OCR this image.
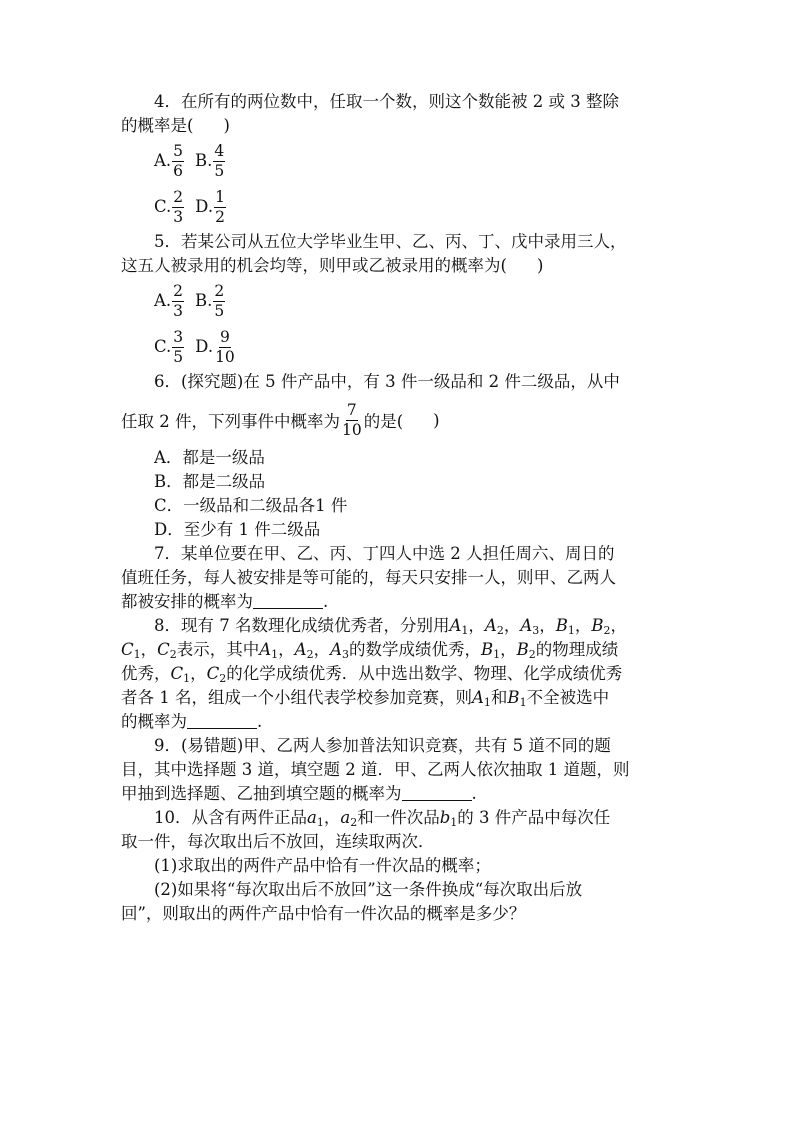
4．在所有的两位数中，任取一个数，则这个数能被 2 或 3 整除
的概率是( )
A. $\frac{5}{6} B$. $\frac{4}{5}$
C. $\frac{2}{3} D$. $\frac{1}{2}$
5．若某公司从五位大学毕业生甲、乙、丙、丁、戊中录用三人，
这五人被录用的机会均等，则甲或乙被录用的概率为( )
A. $\frac{2}{3} B$. $\frac{2}{5}$
C. $\frac{3}{5} D$. $\frac{9}{10}$
6．(探究题)在 5 件产品中，有 3 件一级品和 2 件二级品，从中
任取 2 件，下列事件中概率为 $\frac{7}{10}$ 的是( )
A．都是一级品
B．都是二级品
C．一级品和二级品各1 件
D．至少有 1 件二级品
7．某单位要在甲、乙、丙、丁四人中选 2 人担任周六、周日的
值班任务，每人被安排是等可能的，每天只安排一人，则甲、乙两人
都被安排的概率为	.
8．现有 7 名数理化成绩优秀者，分别用$A_1$，$A_2$，$A_3$，$B_1$，$B_2$，
$C_1$，$C_2$表示，其中$A_1$，$A_2$，$A_3$的数学成绩优秀，$B_1$，$B_2$的物理成绩
优秀，$C_1$，$C_2$的化学成绩优秀．从中选出数学、物理、化学成绩优秀
者各 1 名，组成一个小组代表学校参加竞赛，则$A_1$和$B_1$不全被选中
的概率为	.
9．(易错题)甲、乙两人参加普法知识竞赛，共有 5 道不同的题
目，其中选择题 3 道，填空题 2 道．甲、乙两人依次抽取 1 道题，则
甲抽到选择题、乙抽到填空题的概率为	.
10．从含有两件正品$a_1$，$a_2$和一件次品$b_1$的 3 件产品中每次任
取一件，每次取出后不放回，连续取两次．
(1)求取出的两件产品中恰有一件次品的概率；
(2)如果将“每次取出后不放回”这一条件换成“每次取出后放
回”，则取出的两件产品中恰有一件次品的概率是多少？
